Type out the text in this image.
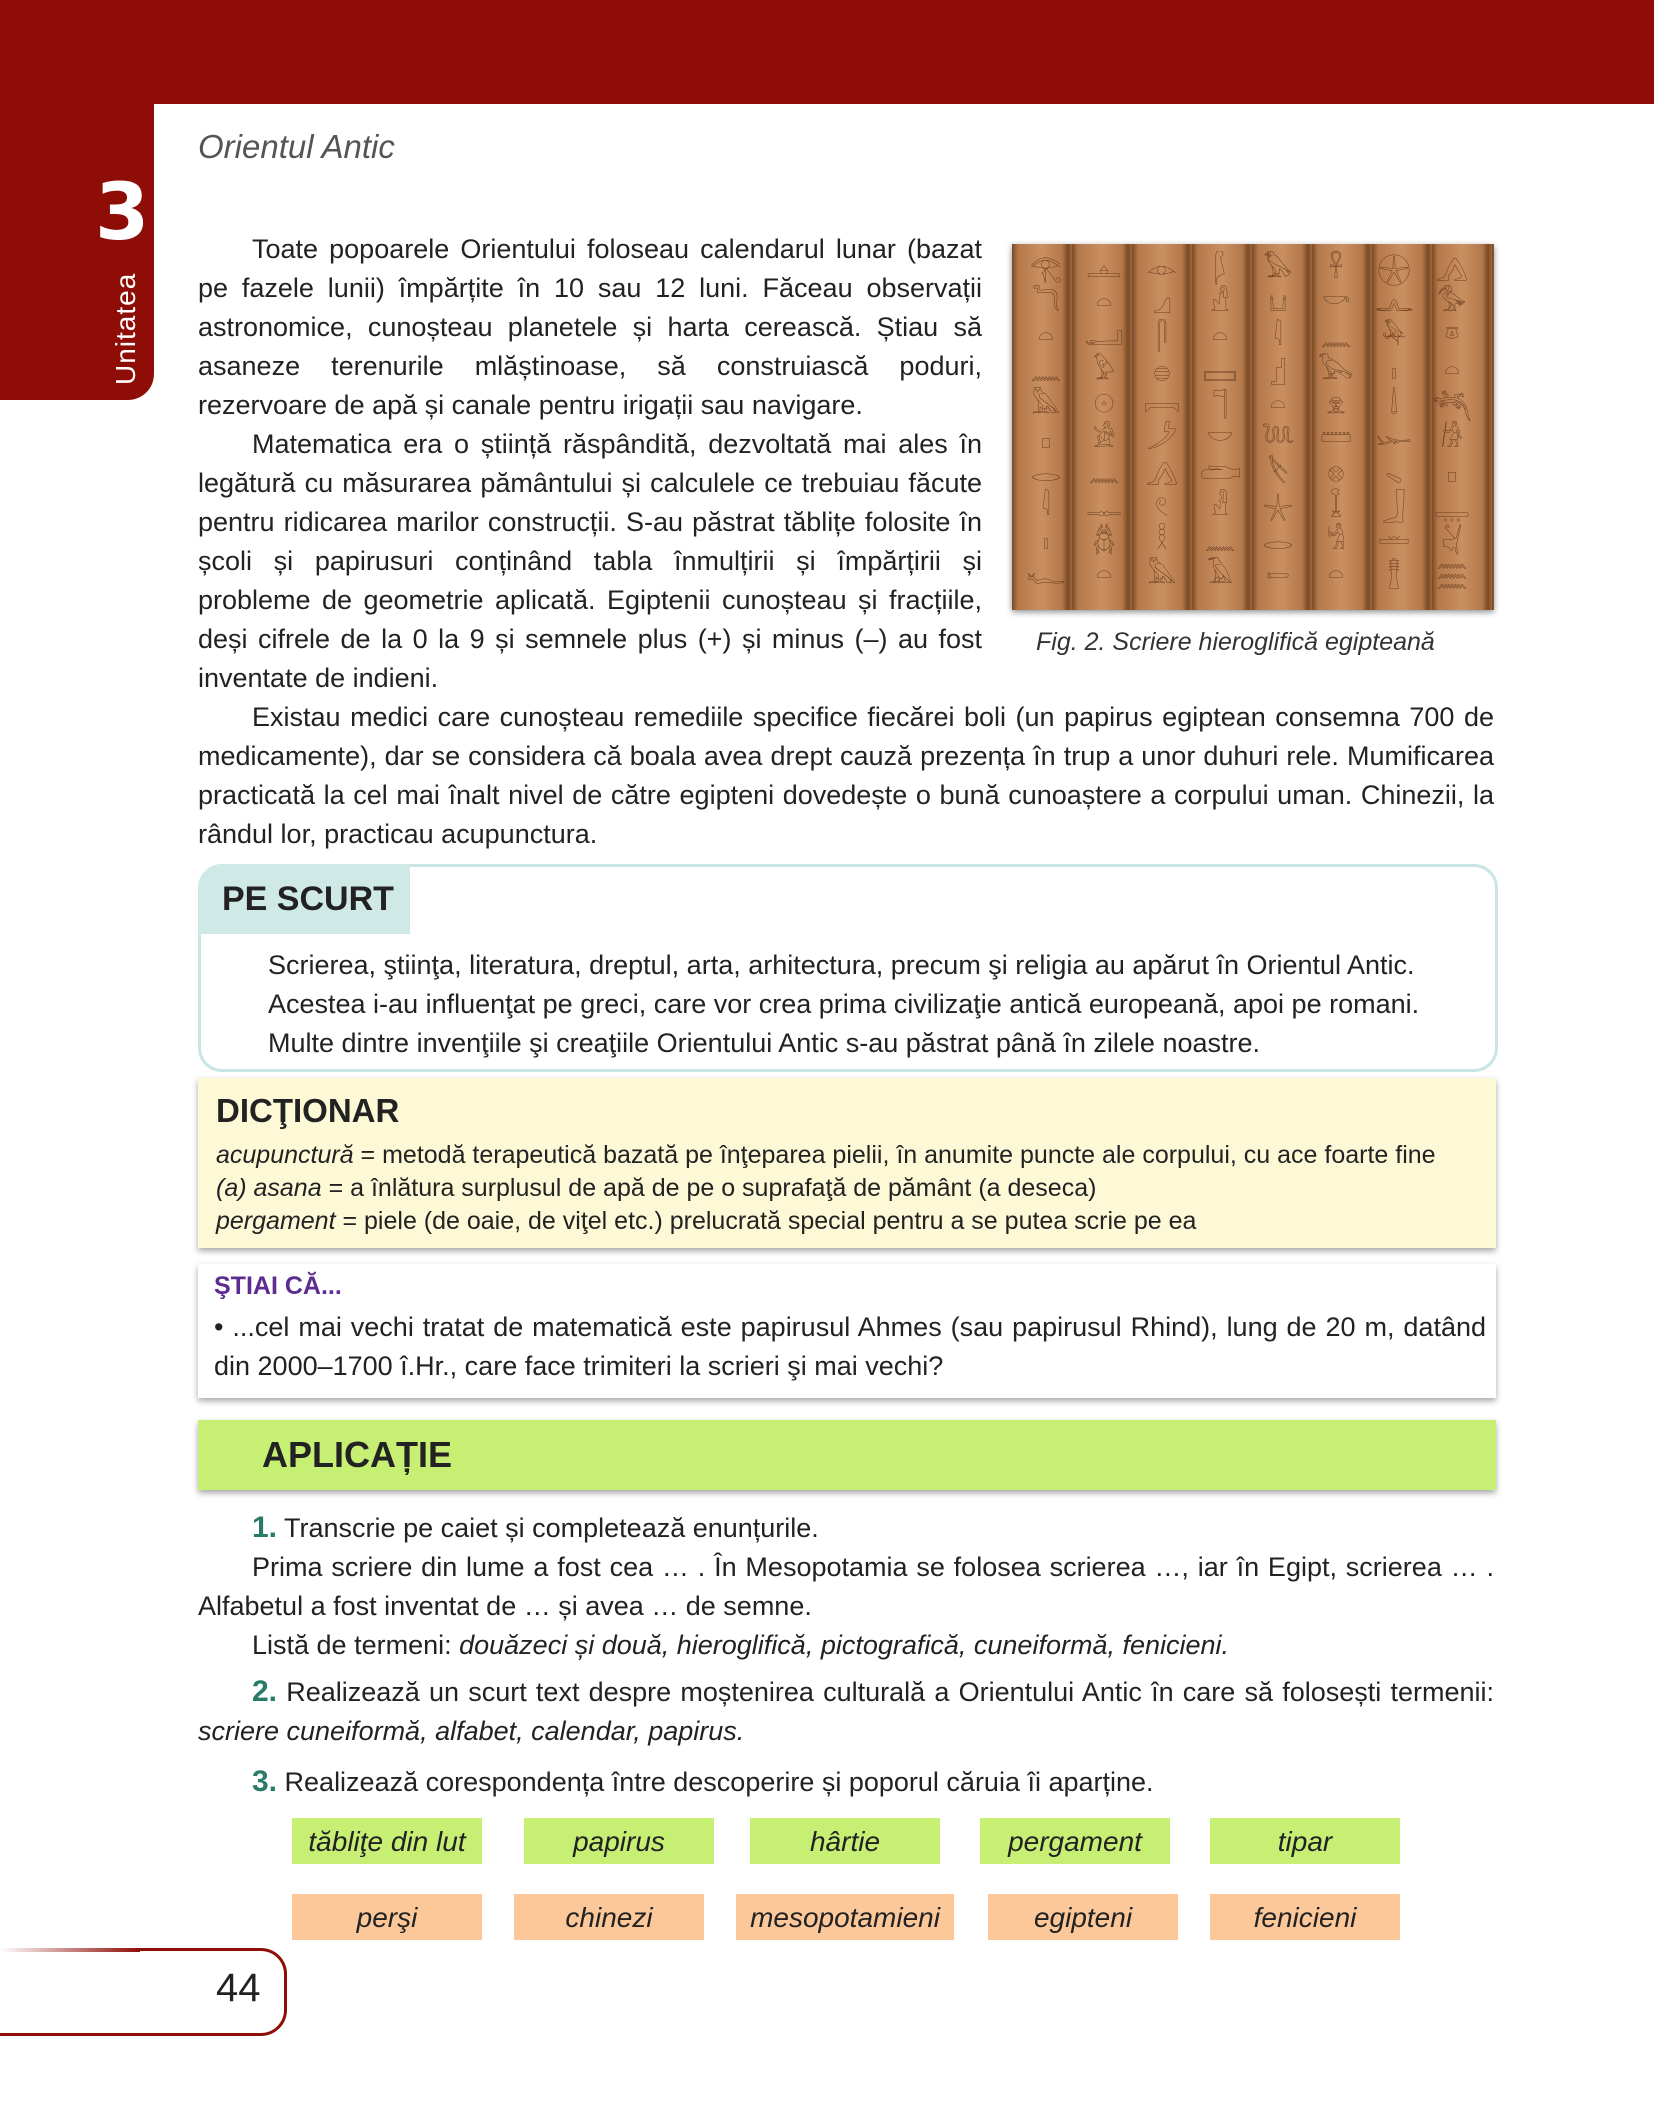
3
Unitatea
Orientul Antic

Toate popoarele Orientului foloseau calendarul lunar (bazat pe fazele lunii) împărțite în 10 sau 12 luni. Făceau observații astronomice, cunoșteau planetele și harta cerească. Știau să asaneze terenurile mlăștinoase, să construiască poduri, rezervoare de apă și canale pentru irigații sau navigare.

Matematica era o știință răspândită, dezvoltată mai ales în legătură cu măsurarea pământului și calculele ce trebuiau făcute pentru ridicarea marilor construcții. S-au păstrat tăblițe folosite în școli și papirusuri conținând tabla înmulțirii și împărțirii și probleme de geometrie aplicată. Egiptenii cunoșteau și fracțiile, deși cifrele de la 0 la 9 și semnele plus (+) și minus (–) au fost inventate de indieni.

Existau medici care cunoșteau remediile specifice fiecărei boli (un papirus egiptean consemna 700 de medicamente), dar se considera că boala avea drept cauză prezența în trup a unor duhuri rele. Mumificarea practicată la cel mai înalt nivel de către egipteni dovedește o bună cunoaștere a corpului uman. Chinezii, la rândul lor, practicau acupunctura.

𓂀
𓆓
𓏏
𓈖
𓅓
𓊪
𓂋
𓇋
𓏤
𓆑
𓊵
𓏏
𓂝
𓅱
𓇳
𓀀
𓈖
𓊃
𓆣
𓏏
𓁹
𓈎
𓋴
𓐍
𓇯
𓌳
𓂻
𓏲
𓎛
𓅓
𓆄
𓀭
𓏏
𓈙
𓊹
𓎟
𓂧
𓁐
𓈖
𓄿
𓅃
𓂓
𓇋
𓊨
𓏏
𓆙
𓌸
𓇼
𓂋
𓍿
𓋹
𓎡
𓈖
𓅂
𓁷
𓏠
𓊖
𓆼
𓀜
𓏏
𓇽
𓂜
𓅆
𓏤
𓌃
𓆱
𓈅
𓃀
𓏛
𓊽
𓂻
𓅜
𓎼
𓏏
𓆈
𓀙
𓊪
𓇾
𓋔
𓈗
Fig. 2. Scriere hieroglifică egipteană
PE SCURT
Scrierea, ştiinţa, literatura, dreptul, arta, arhitectura, precum şi religia au apărut în Orientul Antic.
Acestea i-au influenţat pe greci, care vor crea prima civilizaţie antică europeană, apoi pe romani.
Multe dintre invenţiile şi creaţiile Orientului Antic s-au păstrat până în zilele noastre.
DICŢIONAR
acupunctură = metodă terapeutică bazată pe înţeparea pielii, în anumite puncte ale corpului, cu ace foarte fine
(a) asana = a înlătura surplusul de apă de pe o suprafaţă de pământ (a deseca)
pergament = piele (de oaie, de viţel etc.) prelucrată special pentru a se putea scrie pe ea
ŞTIAI CĂ...

• ...cel mai vechi tratat de matematică este papirusul Ahmes (sau papirusul Rhind), lung de 20 m, datând din 2000–1700 î.Hr., care face trimiteri la scrieri şi mai vechi?

APLICAȚIE

1. Transcrie pe caiet și completează enunțurile.

Prima scriere din lume a fost cea … . În Mesopotamia se folosea scrierea …, iar în Egipt, scrierea … . Alfabetul a fost inventat de … și avea … de semne.

Listă de termeni: douăzeci și două, hieroglifică, pictografică, cuneiformă, fenicieni.

2. Realizează un scurt text despre moștenirea culturală a Orientului Antic în care să folosești termenii: scriere cuneiformă, alfabet, calendar, papirus.

3. Realizează corespondența între descoperire și poporul căruia îi aparține.

tăbliţe din lut	papirus	hârtie	pergament	tipar
perşi	chinezi	mesopotamieni	egipteni	fenicieni
44
